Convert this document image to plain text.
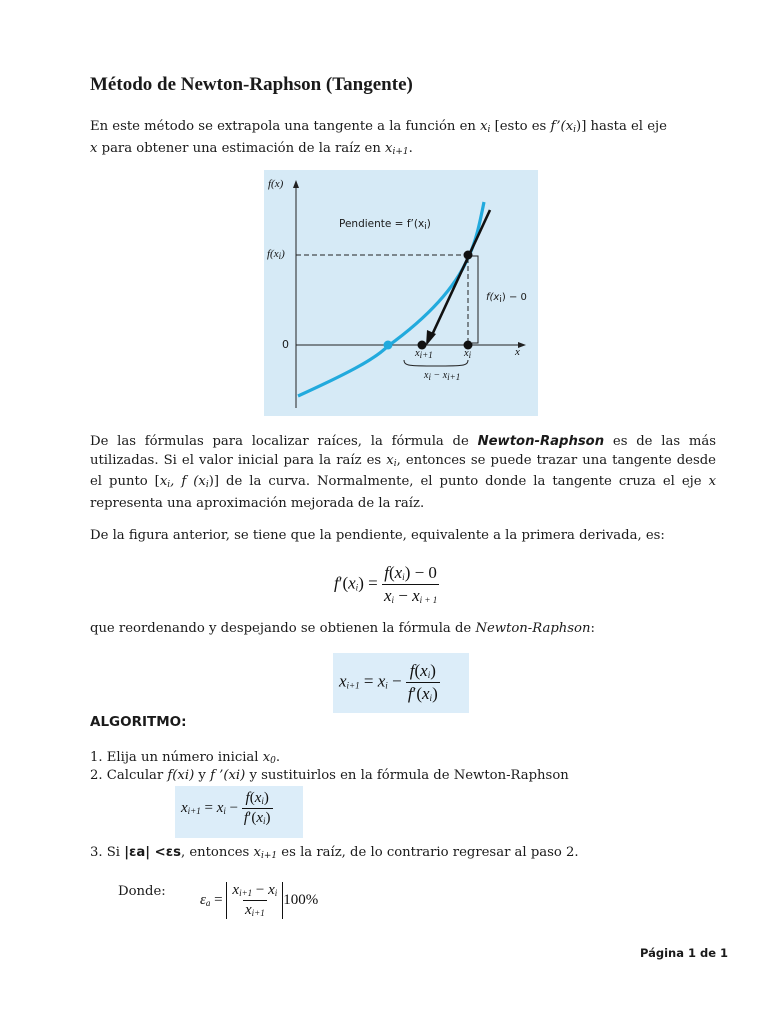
Método de Newton-Raphson (Tangente)
En este método se extrapola una tangente a la función en $x_i$ [esto es $f’(x_i)$] hasta el eje
x para obtener una estimación de la raíz en $x_{i+1}$.
f(x)
$f(x_i)$
0
Pendiente = f’(xi)
f(xi) − 0
xi+1	xi	x
xi − xi+1
De las fórmulas para localizar raíces, la fórmula de Newton-Raphson es de las más utilizadas. Si el valor inicial para la raíz es $x_i$, entonces se puede trazar una tangente desde el punto [$x_i$, f $(x_i)$] de la curva. Normalmente, el punto donde la tangente cruza el eje x representa una aproximación mejorada de la raíz.
De la figura anterior, se tiene que la pendiente, equivalente a la primera derivada, es:
$f'(x_i) = \frac{f(x_i) - 0}{x_i - x_{i + 1}}$
que reordenando y despejando se obtienen la fórmula de Newton-Raphson:
$x_{i+1} = x_i - \frac{f(x_i)}{f'(x_i)}$
ALGORITMO:
1. Elija un número inicial $x_0$.
2. Calcular f(xi) y f ’(xi) y sustituirlos en la fórmula de Newton-Raphson
$x_{i+1} = x_i - \frac{f(x_i)}{f'(x_i)}$
3. Si |εa| <εs, entonces $x_{i+1}$ es la raíz, de lo contrario regresar al paso 2.
Donde:
$\varepsilon_a = \frac{x_{i+1} - x_i}{x_{i+1}} 100\%$
Página 1 de 1
